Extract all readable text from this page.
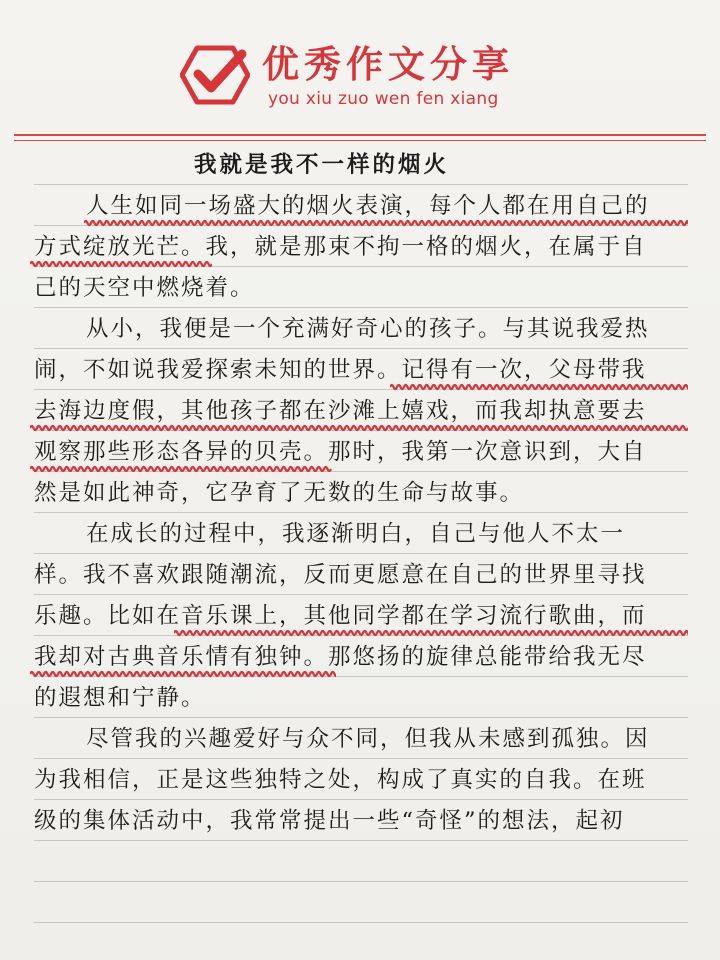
优秀作文分享
you xiu zuo wen fen xiang
我就是我不一样的烟火
人生如同一场盛大的烟火表演，每个人都在用自己的
方式绽放光芒。我，就是那束不拘一格的烟火，在属于自
己的天空中燃烧着。
从小，我便是一个充满好奇心的孩子。与其说我爱热
闹，不如说我爱探索未知的世界。记得有一次，父母带我
去海边度假，其他孩子都在沙滩上嬉戏，而我却执意要去
观察那些形态各异的贝壳。那时，我第一次意识到，大自
然是如此神奇，它孕育了无数的生命与故事。
在成长的过程中，我逐渐明白，自己与他人不太一
样。我不喜欢跟随潮流，反而更愿意在自己的世界里寻找
乐趣。比如在音乐课上，其他同学都在学习流行歌曲，而
我却对古典音乐情有独钟。那悠扬的旋律总能带给我无尽
的遐想和宁静。
尽管我的兴趣爱好与众不同，但我从未感到孤独。因
为我相信，正是这些独特之处，构成了真实的自我。在班
级的集体活动中，我常常提出一些“奇怪”的想法，起初
